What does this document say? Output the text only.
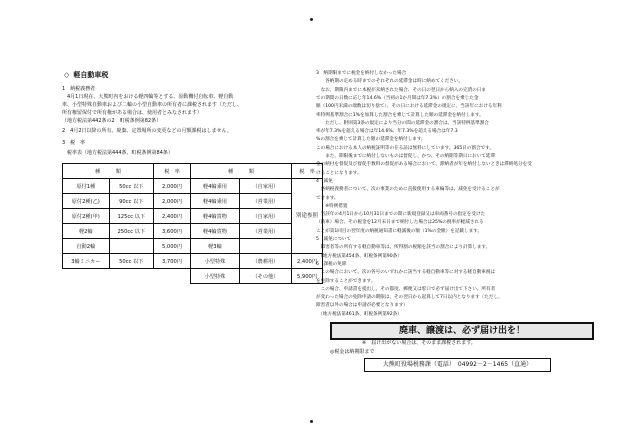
◇ 軽自動車税
1　納税義務者
　4月1日現在、大熊町内をおける軽四輪等とする、原動機付自転車、軽自動
車、小型特殊自動車および二輪の小型自動車の所有者に課税されます（ただし、
所有権留保付で所有権がある場合は、使用者とみなされます）
（地方税法第442条の2　町税条例第82条）
2　4月2日以降の所有、廃棄、定置場所の変更などの月額課税はしません。
3　税　率
　税率表（地方税法第444条、町税条例第84条）
種　　　類		税　率	種　　　類		税　率
原付1種	50cc 以下	2,000円	軽4輪乗用	（自家用）	別途参照
原付2種(乙)	90cc 以下	2,000円	軽4輪乗用	（営業用）	
原付2種(甲)	125cc 以下	2,400円	軽4輪貨物	（自家用）	
軽2輪	250cc 以下	3,600円	軽4輪貨物	（営業用）	
自動2輪		5,000円	軽3輪		
3輪ミニカー	50cc 以下	3,700円	小型特殊	（農耕用）	2,400円
			小型特殊	（その他）	5,900円
3　納期限までに税金を納付しなかった場合
　　各納期の定める時までのそれぞれの延滞金は時に納めてください。
　なお、期限内までに本税が未納された場合、その日の翌日から納入の完済の日ま
での期間の日数に応じ年14.6%（当初の1か月間は年7.3%）の割合を乗じた金
額（100円未満の端数は切り捨て）、その日における延滞金の規定に、当該年における年利
率特例基準割合に1%を加算した割合を乗じて計算した額の延滞金を納付します。
　　ただし、附則第3条の規定により当分の間の延滞金の割合は、当該特例基準割合
率が年7.3%を超える場合は年14.6%、年7.3%を超える場合は年7.3
%の割合を乗じて計算した額の延滞金を納付します。
この場合における本人の納税証明等の在る証は無料にしています。365日の割合です。
　　また、期限後までに納付しないものは督促し、かつ、その納期等期日において延滞
金の納付を督促及び督促手数料の督促がある場合において、滞納者が年を納付しないときは滞納処分を受
けることになります。
4　減免
　各納税義務者について、次の事業のために直接使用する車輪等は、減免を受けることが
できます。
　　※特例措置
　当該年の4月1日から10月31日までの間に新規登録又は車両番号の指定を受けた
（新車）場合、その税金を12月末日まで納付した場合は25%の税率が軽減される
ことが第1回目の翌年度の納税通知書に軽減後の額（1%の金額）を記載します。
5　減免について
　障害者等の所有する軽自動車等は、所得割の税額を該当の割合により計算します。
　（地方税法第454条、町税条例第90条）
6　課税の免除
　この場合において、次の各号のいずれかに該当する軽自動車等に対する軽自動車税は
を免除することができます。
　この場合、申請書を提出し、その都度、郵便又は窓口で必ず届け出て下さい。所有者
が変わった場合の免除申請の期限は、その翌日から起算して7日以内となります（ただし、
障害者以外の場合は申請が必要となります）
　（地方税法第461条、町税条例第92条）
廃車、譲渡は、必ず届け出を！
※　届け出がない場合は、そのまま課税されます。
◎税金は納期限まで
大熊町役場税務課（電話）　04992－2－1465（直通）
